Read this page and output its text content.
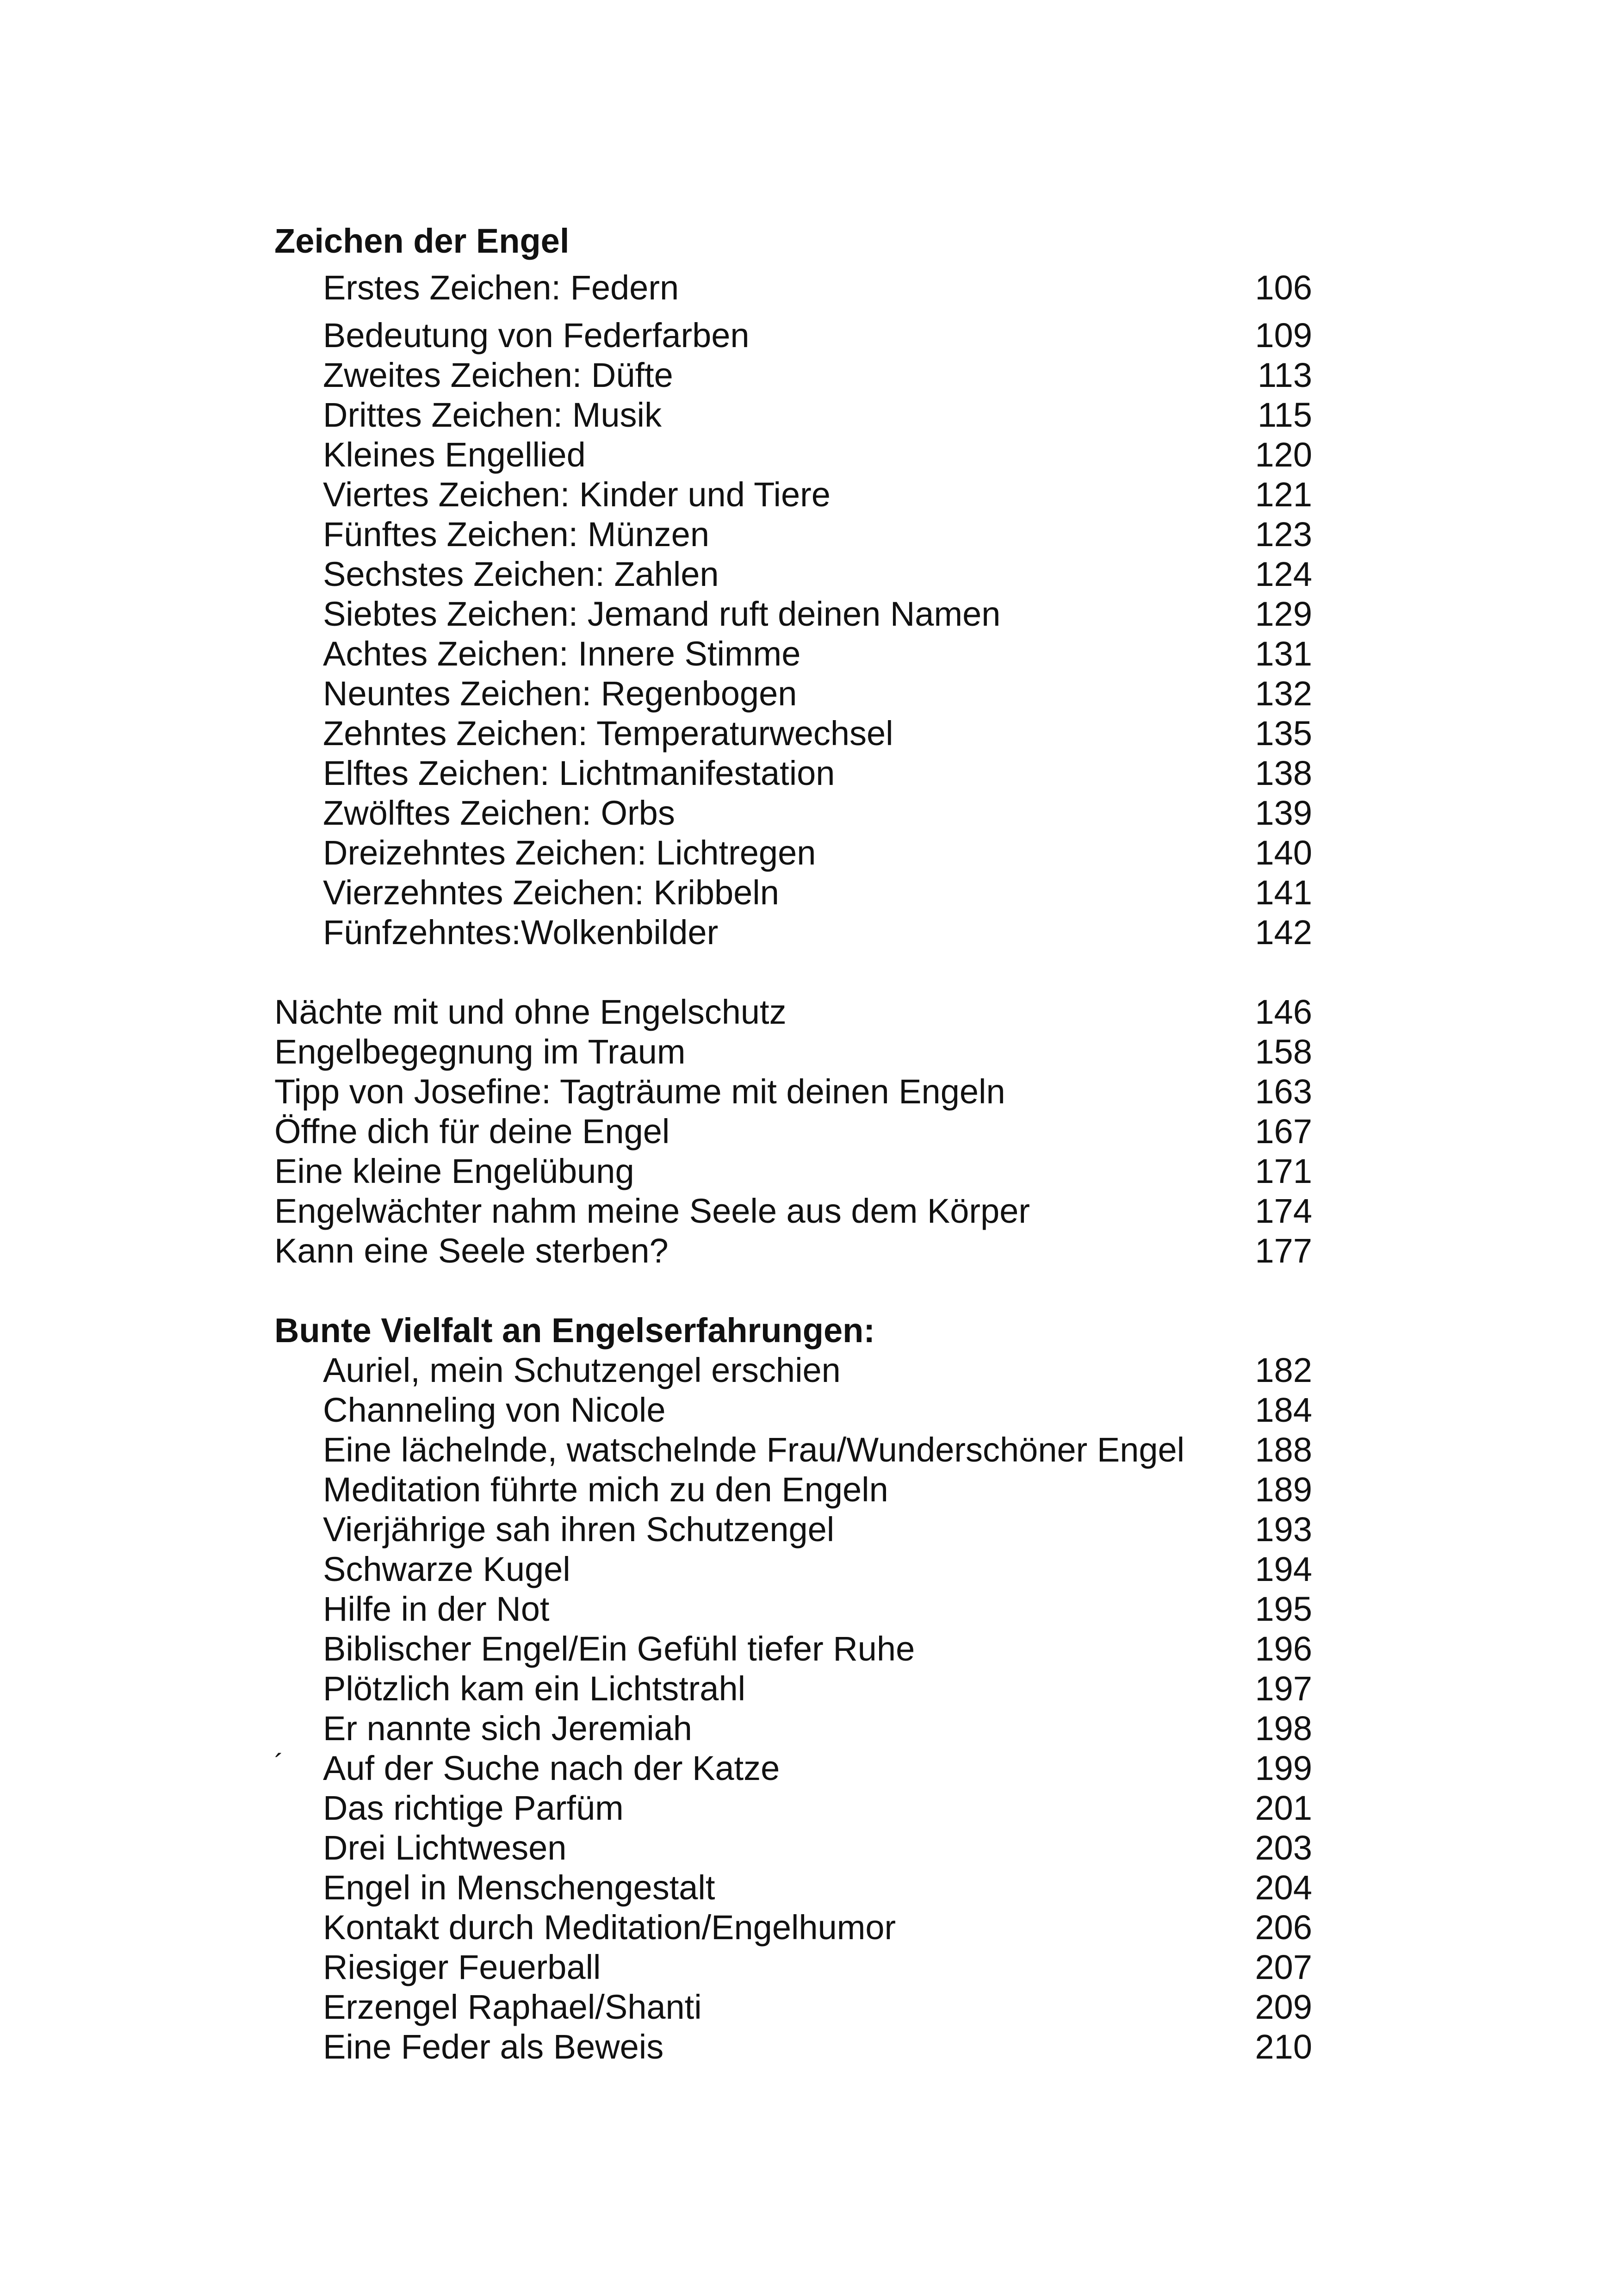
Zeichen der Engel
Erstes Zeichen: Federn	106
Bedeutung von Federfarben	109
Zweites Zeichen: Düfte	113
Drittes Zeichen: Musik	115
Kleines Engellied	120
Viertes Zeichen: Kinder und Tiere	121
Fünftes Zeichen: Münzen	123
Sechstes Zeichen: Zahlen	124
Siebtes Zeichen: Jemand ruft deinen Namen	129
Achtes Zeichen: Innere Stimme	131
Neuntes Zeichen: Regenbogen	132
Zehntes Zeichen: Temperaturwechsel	135
Elftes Zeichen: Lichtmanifestation	138
Zwölftes Zeichen: Orbs	139
Dreizehntes Zeichen: Lichtregen	140
Vierzehntes Zeichen: Kribbeln	141
Fünfzehntes:Wolkenbilder	142
Nächte mit und ohne Engelschutz	146
Engelbegegnung im Traum	158
Tipp von Josefine: Tagträume mit deinen Engeln	163
Öffne dich für deine Engel	167
Eine kleine Engelübung	171
Engelwächter nahm meine Seele aus dem Körper	174
Kann eine Seele sterben?	177
Bunte Vielfalt an Engelserfahrungen:
Auriel, mein Schutzengel erschien	182
Channeling von Nicole	184
Eine lächelnde, watschelnde Frau/Wunderschöner Engel	188
Meditation führte mich zu den Engeln	189
Vierjährige sah ihren Schutzengel	193
Schwarze Kugel	194
Hilfe in der Not	195
Biblischer Engel/Ein Gefühl tiefer Ruhe	196
Plötzlich kam ein Lichtstrahl	197
Er nannte sich Jeremiah	198
´ Auf der Suche nach der Katze	199
Das richtige Parfüm	201
Drei Lichtwesen	203
Engel in Menschengestalt	204
Kontakt durch Meditation/Engelhumor	206
Riesiger Feuerball	207
Erzengel Raphael/Shanti	209
Eine Feder als Beweis	210
